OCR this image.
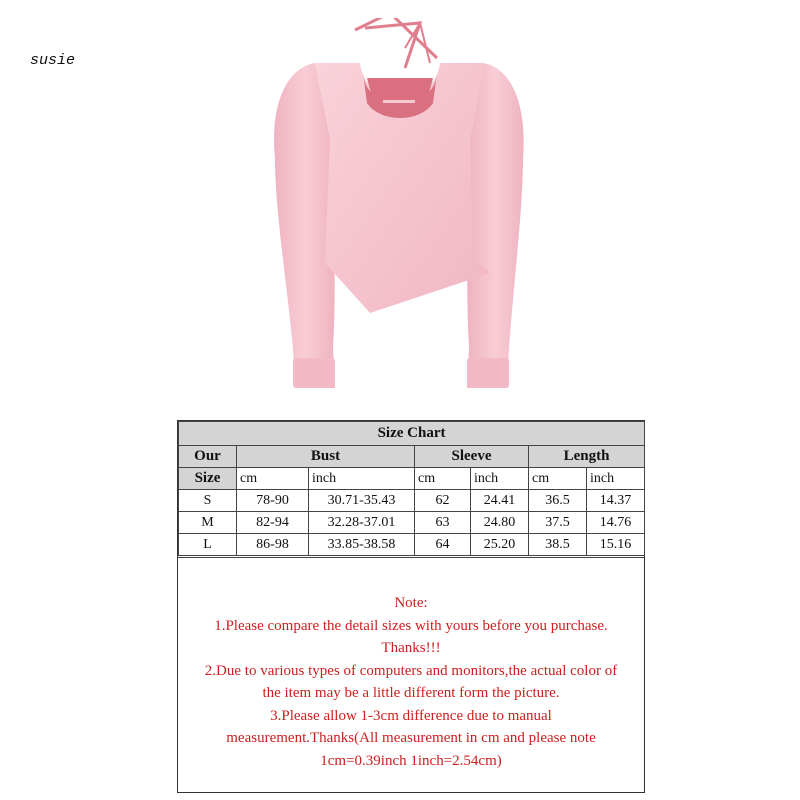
susie
Size Chart						
Our	Bust		Sleeve		Length	
Size	cm	inch	cm	inch	cm	inch
S	78-90	30.71-35.43	62	24.41	36.5	14.37
M	82-94	32.28-37.01	63	24.80	37.5	14.76
L	86-98	33.85-38.58	64	25.20	38.5	15.16
Note:
1.Please compare the detail sizes with yours before you purchase.
Thanks!!!
2.Due to various types of computers and monitors,the actual color of
the item may be a little different form the picture.
3.Please allow 1-3cm difference due to manual
measurement.Thanks(All measurement in cm and please note
1cm=0.39inch 1inch=2.54cm)
